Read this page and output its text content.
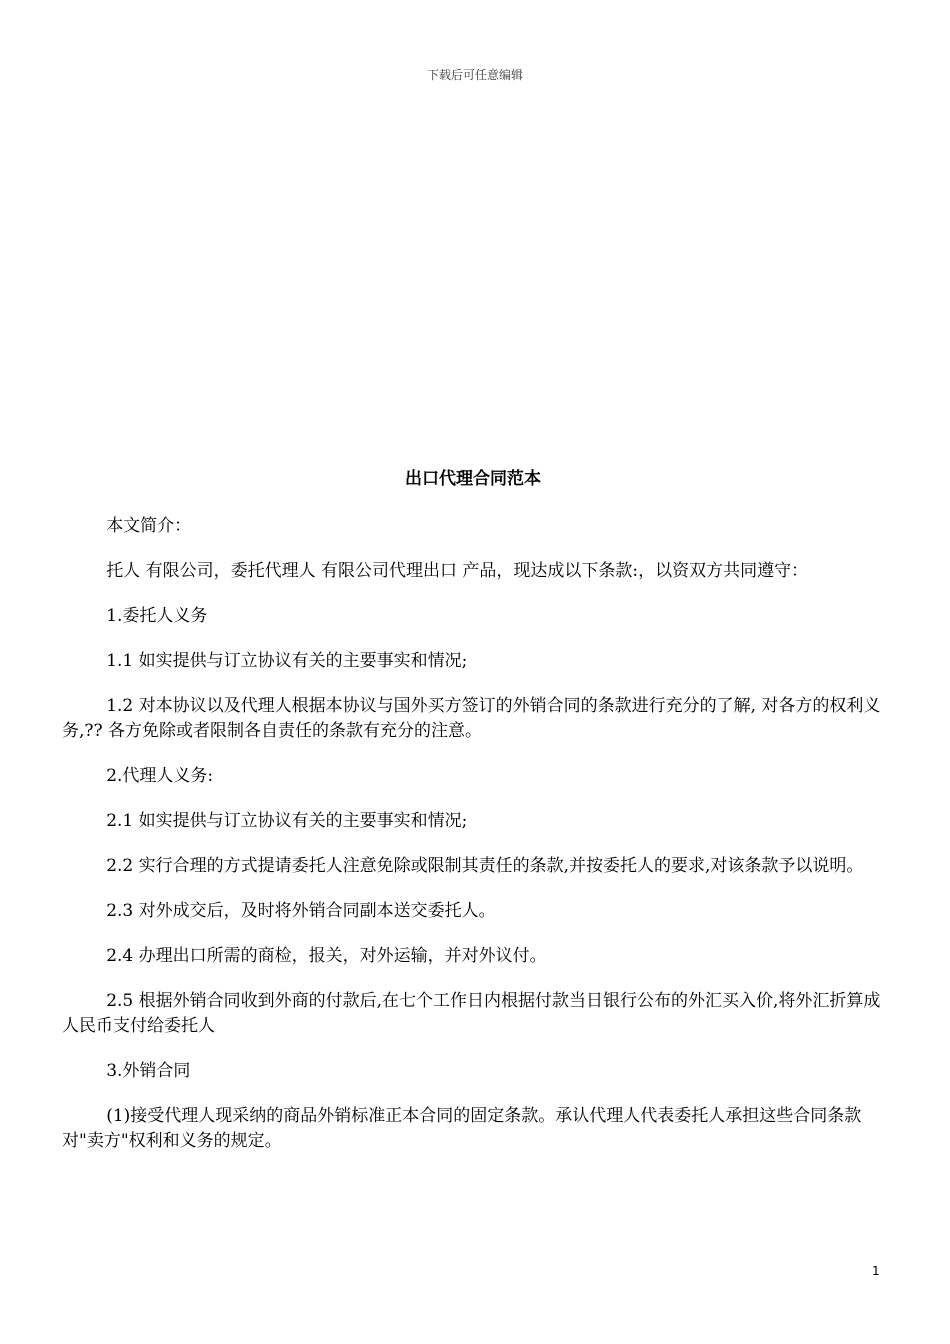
下载后可任意编辑
出口代理合同范本

本文简介：

托人 有限公司，委托代理人 有限公司代理出口 产品，现达成以下条款:，以资双方共同遵守：

1.委托人义务

1.1 如实提供与订立协议有关的主要事实和情况;

1.2 对本协议以及代理人根据本协议与国外买方签订的外销合同的条款进行充分的了解, 对各方的权利义务,?? 各方免除或者限制各自责任的条款有充分的注意。

2.代理人义务:

2.1 如实提供与订立协议有关的主要事实和情况;

2.2 实行合理的方式提请委托人注意免除或限制其责任的条款,并按委托人的要求,对该条款予以说明。

2.3 对外成交后，及时将外销合同副本送交委托人。

2.4 办理出口所需的商检，报关，对外运输，并对外议付。

2.5 根据外销合同收到外商的付款后,在七个工作日内根据付款当日银行公布的外汇买入价,将外汇折算成人民币支付给委托人

3.外销合同

(1)接受代理人现采纳的商品外销标准正本合同的固定条款。承认代理人代表委托人承担这些合同条款对"卖方"权利和义务的规定。

1
